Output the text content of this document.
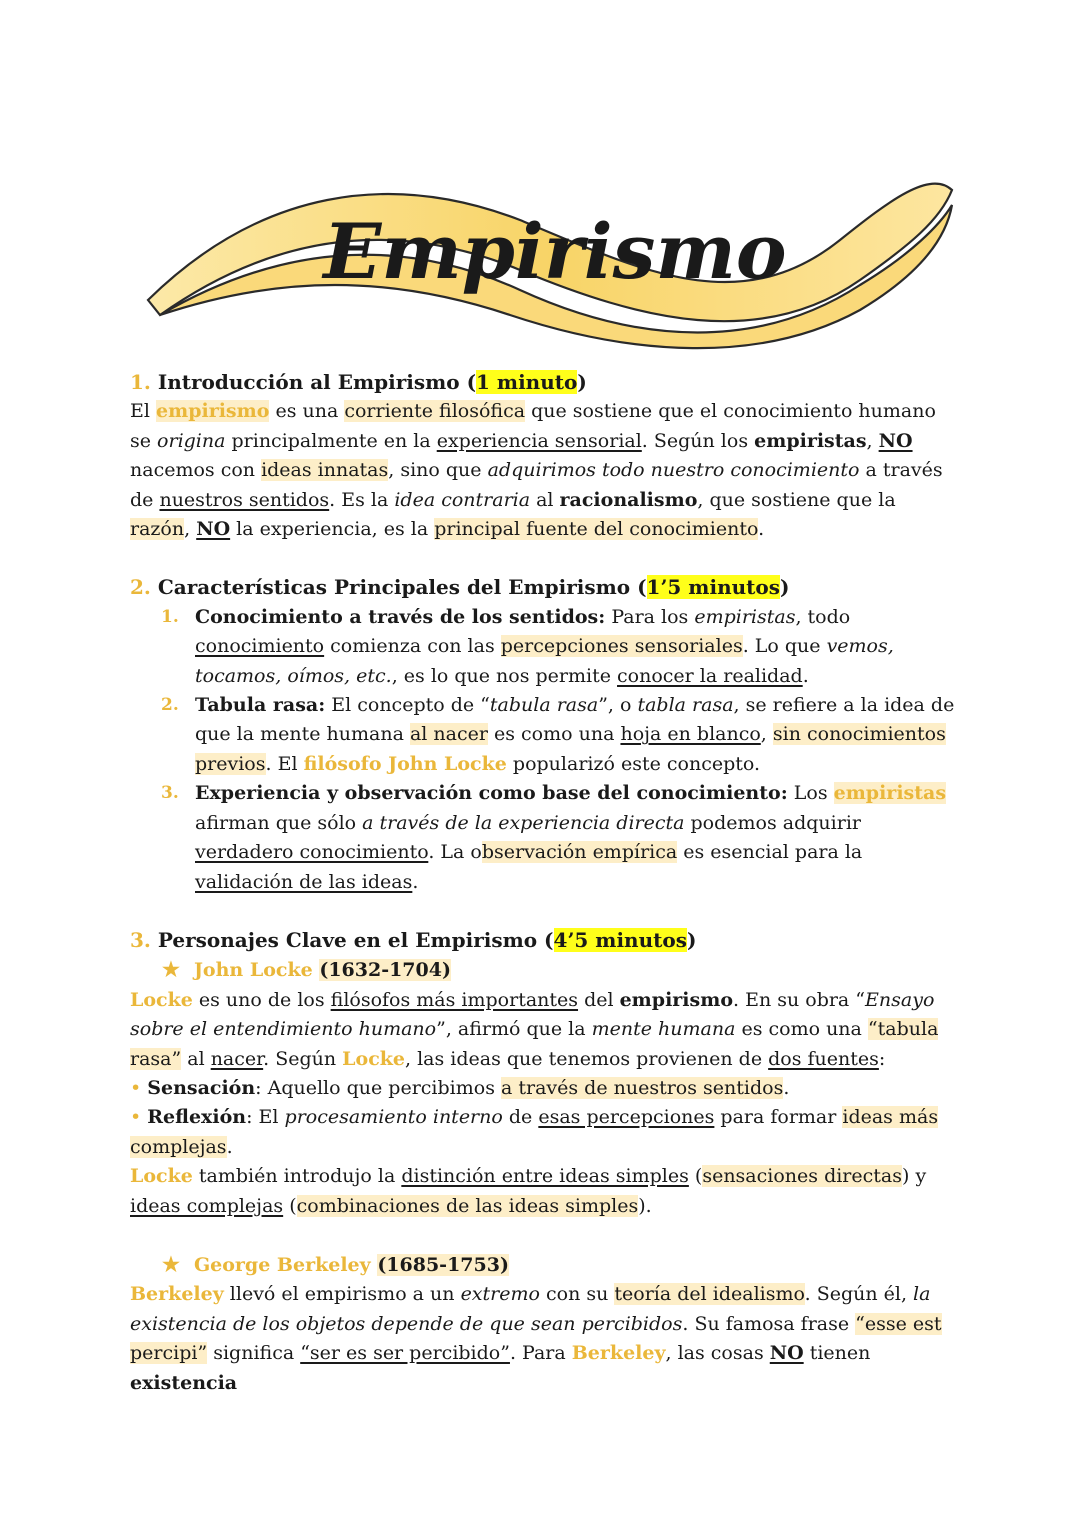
Empirismo

1. Introducción al Empirismo (1 minuto)

El empirismo es una corriente filosófica que sostiene que el conocimiento humano se origina principalmente en la experiencia sensorial. Según los empiristas, NO nacemos con ideas innatas, sino que adquirimos todo nuestro conocimiento a través de nuestros sentidos. Es la idea contraria al racionalismo, que sostiene que la razón, NO la experiencia, es la principal fuente del conocimiento.

2. Características Principales del Empirismo (1’5 minutos)

1. Conocimiento a través de los sentidos: Para los empiristas, todo conocimiento comienza con las percepciones sensoriales. Lo que vemos, tocamos, oímos, etc., es lo que nos permite conocer la realidad.
2. Tabula rasa: El concepto de “tabula rasa”, o tabla rasa, se refiere a la idea de que la mente humana al nacer es como una hoja en blanco, sin conocimientos previos. El filósofo John Locke popularizó este concepto.
3. Experiencia y observación como base del conocimiento: Los empiristas afirman que sólo a través de la experiencia directa podemos adquirir verdadero conocimiento. La observación empírica es esencial para la validación de las ideas.

3. Personajes Clave en el Empirismo (4’5 minutos)

★ John Locke (1632-1704)

Locke es uno de los filósofos más importantes del empirismo. En su obra “Ensayo sobre el entendimiento humano”, afirmó que la mente humana es como una “tabula rasa” al nacer. Según Locke, las ideas que tenemos provienen de dos fuentes:

• Sensación: Aquello que percibimos a través de nuestros sentidos.

• Reflexión: El procesamiento interno de esas percepciones para formar ideas más complejas.

Locke también introdujo la distinción entre ideas simples (sensaciones directas) y ideas complejas (combinaciones de las ideas simples).

★ George Berkeley (1685-1753)

Berkeley llevó el empirismo a un extremo con su teoría del idealismo. Según él, la existencia de los objetos depende de que sean percibidos. Su famosa frase “esse est percipi” significa “ser es ser percibido”. Para Berkeley, las cosas NO tienen existencia
